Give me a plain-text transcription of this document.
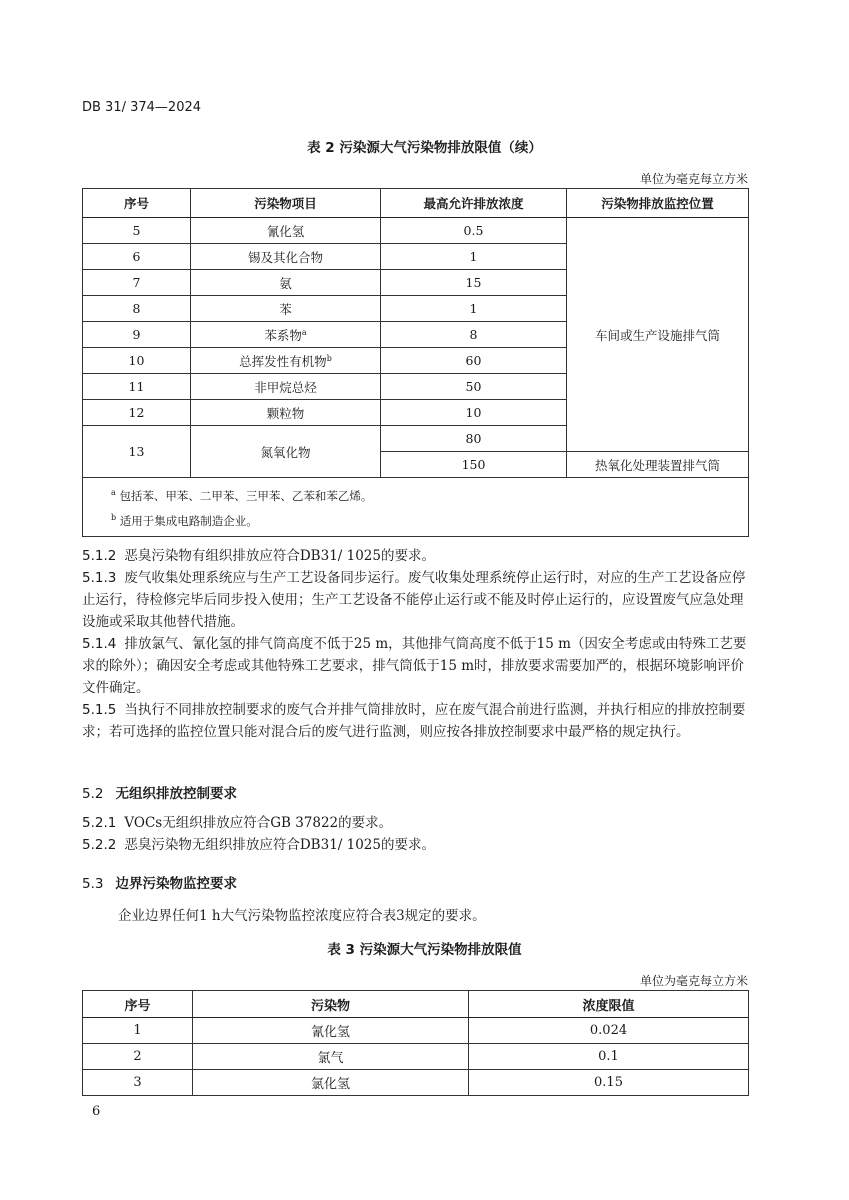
DB 31/ 374—2024
表 2 污染源大气污染物排放限值（续）
单位为毫克每立方米
序号	污染物项目	最高允许排放浓度	污染物排放监控位置
5	氰化氢	0.5	车间或生产设施排气筒
6	锡及其化合物	1	
7	氨	15	
8	苯	1	
9	苯系物$^a$	8	
10	总挥发性有机物$^b$	60	
11	非甲烷总烃	50	
12	颗粒物	10	
13	氮氧化物	80	
		150	热氧化处理装置排气筒

$^a$ 包括苯、甲苯、二甲苯、三甲苯、乙苯和苯乙烯。
$^b$ 适用于集成电路制造企业。			
5.1.2 恶臭污染物有组织排放应符合DB31/ 1025的要求。
5.1.3 废气收集处理系统应与生产工艺设备同步运行。废气收集处理系统停止运行时，对应的生产工艺设备应停止运行，待检修完毕后同步投入使用；生产工艺设备不能停止运行或不能及时停止运行的，应设置废气应急处理设施或采取其他替代措施。
5.1.4 排放氯气、氰化氢的排气筒高度不低于25 m，其他排气筒高度不低于15 m（因安全考虑或由特殊工艺要求的除外）；确因安全考虑或其他特殊工艺要求，排气筒低于15 m时，排放要求需要加严的，根据环境影响评价文件确定。
5.1.5 当执行不同排放控制要求的废气合并排气筒排放时，应在废气混合前进行监测，并执行相应的排放控制要求；若可选择的监控位置只能对混合后的废气进行监测，则应按各排放控制要求中最严格的规定执行。
5.2 无组织排放控制要求
5.2.1 VOCs无组织排放应符合GB 37822的要求。
5.2.2 恶臭污染物无组织排放应符合DB31/ 1025的要求。
5.3 边界污染物监控要求
企业边界任何1 h大气污染物监控浓度应符合表3规定的要求。
表 3 污染源大气污染物排放限值
单位为毫克每立方米
序号	污染物	浓度限值
1	氰化氢	0.024
2	氯气	0.1
3	氯化氢	0.15
6
